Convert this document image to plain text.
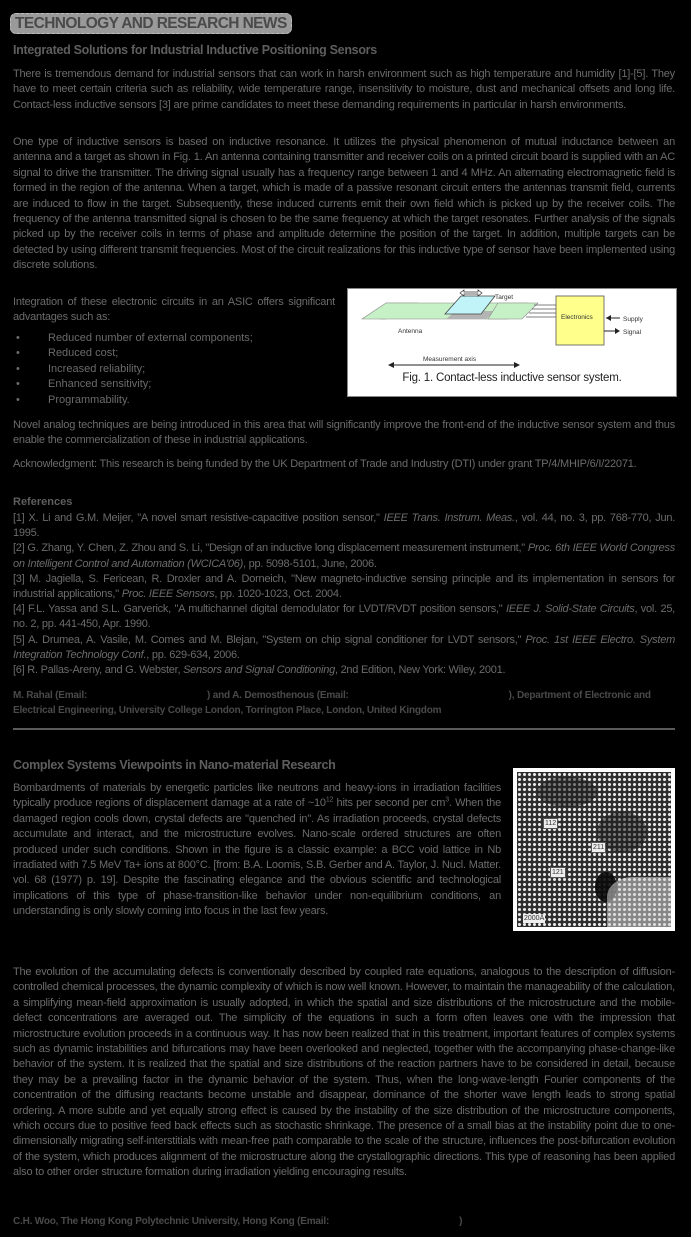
TECHNOLOGY AND RESEARCH NEWS
Integrated Solutions for Industrial Inductive Positioning Sensors
There is tremendous demand for industrial sensors that can work in harsh environment such as high temperature and humidity [1]-[5]. They have to meet certain criteria such as reliability, wide temperature range, insensitivity to moisture, dust and mechanical offsets and long life. Contact-less inductive sensors [3] are prime candidates to meet these demanding requirements in particular in harsh environments.
One type of inductive sensors is based on inductive resonance. It utilizes the physical phenomenon of mutual inductance between an antenna and a target as shown in Fig. 1. An antenna containing transmitter and receiver coils on a printed circuit board is supplied with an AC signal to drive the transmitter. The driving signal usually has a frequency range between 1 and 4 MHz. An alternating electromagnetic field is formed in the region of the antenna. When a target, which is made of a passive resonant circuit enters the antennas transmit field, currents are induced to flow in the target. Subsequently, these induced currents emit their own field which is picked up by the receiver coils. The frequency of the antenna transmitted signal is chosen to be the same frequency at which the target resonates. Further analysis of the signals picked up by the receiver coils in terms of phase and amplitude determine the position of the target. In addition, multiple targets can be detected by using different transmit frequencies. Most of the circuit realizations for this inductive type of sensor have been implemented using discrete solutions.
Integration of these electronic circuits in an ASIC offers significant advantages such as:
•	Reduced number of external components;
•	Reduced cost;
•	Increased reliability;
•	Enhanced sensitivity;
•	Programmability.
Antenna
Target
Electronics	Supply
Signal
Measurement axis
Fig. 1. Contact-less inductive sensor system.
Novel analog techniques are being introduced in this area that will significantly improve the front-end of the inductive sensor system and thus enable the commercialization of these in industrial applications.
Acknowledgment: This research is being funded by the UK Department of Trade and Industry (DTI) under grant TP/4/MHIP/6/I/22071.
References
[1] X. Li and G.M. Meijer, "A novel smart resistive-capacitive position sensor," IEEE Trans. Instrum. Meas., vol. 44, no. 3, pp. 768-770, Jun. 1995.
[2] G. Zhang, Y. Chen, Z. Zhou and S. Li, "Design of an inductive long displacement measurement instrument," Proc. 6th IEEE World Congress on Intelligent Control and Automation (WCICA'06), pp. 5098-5101, June, 2006.
[3] M. Jagiella, S. Fericean, R. Droxler and A. Dorneich, "New magneto-inductive sensing principle and its implementation in sensors for industrial applications," Proc. IEEE Sensors, pp. 1020-1023, Oct. 2004.
[4] F.L. Yassa and S.L. Garverick, "A multichannel digital demodulator for LVDT/RVDT position sensors," IEEE J. Solid-State Circuits, vol. 25, no. 2, pp. 441-450, Apr. 1990.
[5] A. Drumea, A. Vasile, M. Comes and M. Blejan, "System on chip signal conditioner for LVDT sensors," Proc. 1st IEEE Electro. System Integration Technology Conf., pp. 629-634, 2006.
[6] R. Pallas-Areny, and G. Webster, Sensors and Signal Conditioning, 2nd Edition, New York: Wiley, 2001.
M. Rahal (Email:	) and A. Demosthenous (Email:	), Department of Electronic and Electrical Engineering, University College London, Torrington Place, London, United Kingdom
Complex Systems Viewpoints in Nano-material Research
Bombardments of materials by energetic particles like neutrons and heavy-ions in irradiation facilities typically produce regions of displacement damage at a rate of $\sim 10^{12}$ hits per second per $cm^3$. When the damaged region cools down, crystal defects are "quenched in". As irradiation proceeds, crystal defects accumulate and interact, and the microstructure evolves. Nano-scale ordered structures are often produced under such conditions. Shown in the figure is a classic example: a BCC void lattice in Nb irradiated with 7.5 MeV Ta+ ions at 800°C. [from: B.A. Loomis, S.B. Gerber and A. Taylor, J. Nucl. Matter. vol. 68 (1977) p. 19]. Despite the fascinating elegance and the obvious scientific and technological implications of this type of phase-transition-like behavior under non-equilibrium conditions, an understanding is only slowly coming into focus in the last few years.
112
211
121
2000Å
The evolution of the accumulating defects is conventionally described by coupled rate equations, analogous to the description of diffusion-controlled chemical processes, the dynamic complexity of which is now well known. However, to maintain the manageability of the calculation, a simplifying mean-field approximation is usually adopted, in which the spatial and size distributions of the microstructure and the mobile-defect concentrations are averaged out. The simplicity of the equations in such a form often leaves one with the impression that microstructure evolution proceeds in a continuous way. It has now been realized that in this treatment, important features of complex systems such as dynamic instabilities and bifurcations may have been overlooked and neglected, together with the accompanying phase-change-like behavior of the system. It is realized that the spatial and size distributions of the reaction partners have to be considered in detail, because they may be a prevailing factor in the dynamic behavior of the system. Thus, when the long-wave-length Fourier components of the concentration of the diffusing reactants become unstable and disappear, dominance of the shorter wave length leads to strong spatial ordering. A more subtle and yet equally strong effect is caused by the instability of the size distribution of the microstructure components, which occurs due to positive feed back effects such as stochastic shrinkage. The presence of a small bias at the instability point due to one-dimensionally migrating self-interstitials with mean-free path comparable to the scale of the structure, influences the post-bifurcation evolution of the system, which produces alignment of the microstructure along the crystallographic directions. This type of reasoning has been applied also to other order structure formation during irradiation yielding encouraging results.
C.H. Woo, The Hong Kong Polytechnic University, Hong Kong (Email:	)
